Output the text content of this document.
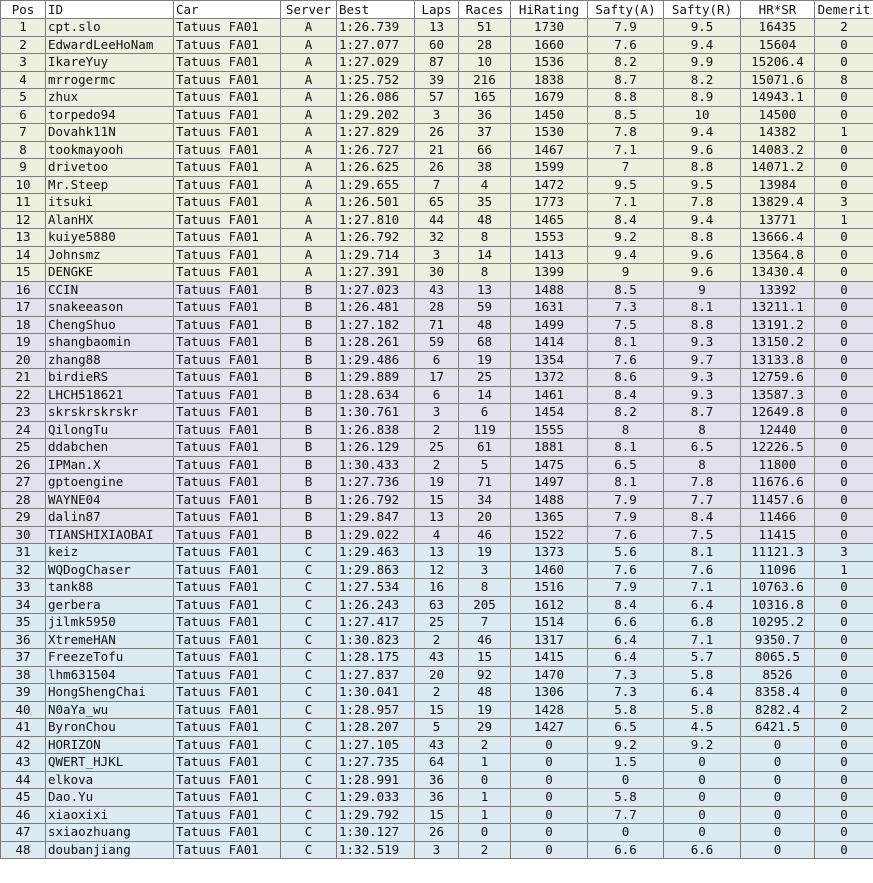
Pos	ID	Car	Server	Best	Laps	Races	HiRating	Safty(A)	Safty(R)	HR*SR	Demerit
1	cpt.slo	Tatuus FA01	A	1:26.739	13	51	1730	7.9	9.5	16435	2
2	EdwardLeeHoNam	Tatuus FA01	A	1:27.077	60	28	1660	7.6	9.4	15604	0
3	IkareYuy	Tatuus FA01	A	1:27.029	87	10	1536	8.2	9.9	15206.4	0
4	mrrogermc	Tatuus FA01	A	1:25.752	39	216	1838	8.7	8.2	15071.6	8
5	zhux	Tatuus FA01	A	1:26.086	57	165	1679	8.8	8.9	14943.1	0
6	torpedo94	Tatuus FA01	A	1:29.202	3	36	1450	8.5	10	14500	0
7	Dovahk11N	Tatuus FA01	A	1:27.829	26	37	1530	7.8	9.4	14382	1
8	tookmayooh	Tatuus FA01	A	1:26.727	21	66	1467	7.1	9.6	14083.2	0
9	drivetoo	Tatuus FA01	A	1:26.625	26	38	1599	7	8.8	14071.2	0
10	Mr.Steep	Tatuus FA01	A	1:29.655	7	4	1472	9.5	9.5	13984	0
11	itsuki	Tatuus FA01	A	1:26.501	65	35	1773	7.1	7.8	13829.4	3
12	AlanHX	Tatuus FA01	A	1:27.810	44	48	1465	8.4	9.4	13771	1
13	kuiye5880	Tatuus FA01	A	1:26.792	32	8	1553	9.2	8.8	13666.4	0
14	Johnsmz	Tatuus FA01	A	1:29.714	3	14	1413	9.4	9.6	13564.8	0
15	DENGKE	Tatuus FA01	A	1:27.391	30	8	1399	9	9.6	13430.4	0
16	CCIN	Tatuus FA01	B	1:27.023	43	13	1488	8.5	9	13392	0
17	snakeeason	Tatuus FA01	B	1:26.481	28	59	1631	7.3	8.1	13211.1	0
18	ChengShuo	Tatuus FA01	B	1:27.182	71	48	1499	7.5	8.8	13191.2	0
19	shangbaomin	Tatuus FA01	B	1:28.261	59	68	1414	8.1	9.3	13150.2	0
20	zhang88	Tatuus FA01	B	1:29.486	6	19	1354	7.6	9.7	13133.8	0
21	birdieRS	Tatuus FA01	B	1:29.889	17	25	1372	8.6	9.3	12759.6	0
22	LHCH518621	Tatuus FA01	B	1:28.634	6	14	1461	8.4	9.3	13587.3	0
23	skrskrskrskr	Tatuus FA01	B	1:30.761	3	6	1454	8.2	8.7	12649.8	0
24	QilongTu	Tatuus FA01	B	1:26.838	2	119	1555	8	8	12440	0
25	ddabchen	Tatuus FA01	B	1:26.129	25	61	1881	8.1	6.5	12226.5	0
26	IPMan.X	Tatuus FA01	B	1:30.433	2	5	1475	6.5	8	11800	0
27	gptoengine	Tatuus FA01	B	1:27.736	19	71	1497	8.1	7.8	11676.6	0
28	WAYNE04	Tatuus FA01	B	1:26.792	15	34	1488	7.9	7.7	11457.6	0
29	dalin87	Tatuus FA01	B	1:29.847	13	20	1365	7.9	8.4	11466	0
30	TIANSHIXIAOBAI	Tatuus FA01	B	1:29.022	4	46	1522	7.6	7.5	11415	0
31	keiz	Tatuus FA01	C	1:29.463	13	19	1373	5.6	8.1	11121.3	3
32	WQDogChaser	Tatuus FA01	C	1:29.863	12	3	1460	7.6	7.6	11096	1
33	tank88	Tatuus FA01	C	1:27.534	16	8	1516	7.9	7.1	10763.6	0
34	gerbera	Tatuus FA01	C	1:26.243	63	205	1612	8.4	6.4	10316.8	0
35	jilmk5950	Tatuus FA01	C	1:27.417	25	7	1514	6.6	6.8	10295.2	0
36	XtremeHAN	Tatuus FA01	C	1:30.823	2	46	1317	6.4	7.1	9350.7	0
37	FreezeTofu	Tatuus FA01	C	1:28.175	43	15	1415	6.4	5.7	8065.5	0
38	lhm631504	Tatuus FA01	C	1:27.837	20	92	1470	7.3	5.8	8526	0
39	HongShengChai	Tatuus FA01	C	1:30.041	2	48	1306	7.3	6.4	8358.4	0
40	N0aYa_wu	Tatuus FA01	C	1:28.957	15	19	1428	5.8	5.8	8282.4	2
41	ByronChou	Tatuus FA01	C	1:28.207	5	29	1427	6.5	4.5	6421.5	0
42	HORIZON	Tatuus FA01	C	1:27.105	43	2	0	9.2	9.2	0	0
43	QWERT_HJKL	Tatuus FA01	C	1:27.735	64	1	0	1.5	0	0	0
44	elkova	Tatuus FA01	C	1:28.991	36	0	0	0	0	0	0
45	Dao.Yu	Tatuus FA01	C	1:29.033	36	1	0	5.8	0	0	0
46	xiaoxixi	Tatuus FA01	C	1:29.792	15	1	0	7.7	0	0	0
47	sxiaozhuang	Tatuus FA01	C	1:30.127	26	0	0	0	0	0	0
48	doubanjiang	Tatuus FA01	C	1:32.519	3	2	0	6.6	6.6	0	0
